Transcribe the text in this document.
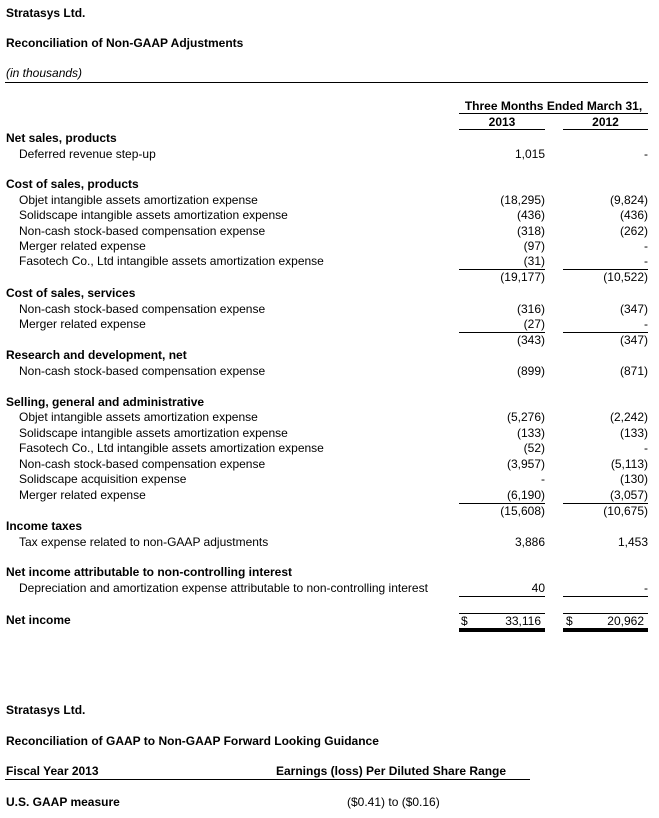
Stratasys Ltd.
Reconciliation of Non-GAAP Adjustments
(in thousands)
Three Months Ended March 31,
2013	2012
Net sales, products
Deferred revenue step-up	1,015	-
Cost of sales, products
Objet intangible assets amortization expense	(18,295)	(9,824)
Solidscape intangible assets amortization expense	(436)	(436)
Non-cash stock-based compensation expense	(318)	(262)
Merger related expense	(97)	-
Fasotech Co., Ltd intangible assets amortization expense	(31)	-
(19,177)	(10,522)
Cost of sales, services
Non-cash stock-based compensation expense	(316)	(347)
Merger related expense	(27)	-
(343)	(347)
Research and development, net
Non-cash stock-based compensation expense	(899)	(871)
Selling, general and administrative
Objet intangible assets amortization expense	(5,276)	(2,242)
Solidscape intangible assets amortization expense	(133)	(133)
Fasotech Co., Ltd intangible assets amortization expense	(52)	-
Non-cash stock-based compensation expense	(3,957)	(5,113)
Solidscape acquisition expense	-	(130)
Merger related expense	(6,190)	(3,057)
(15,608)	(10,675)
Income taxes
Tax expense related to non-GAAP adjustments	3,886	1,453
Net income attributable to non-controlling interest
Depreciation and amortization expense attributable to non-controlling interest	40	-
Net income	$	33,116 $	20,962
Stratasys Ltd.
Reconciliation of GAAP to Non-GAAP Forward Looking Guidance
Fiscal Year 2013	Earnings (loss) Per Diluted Share Range
U.S. GAAP measure	($0.41) to ($0.16)
